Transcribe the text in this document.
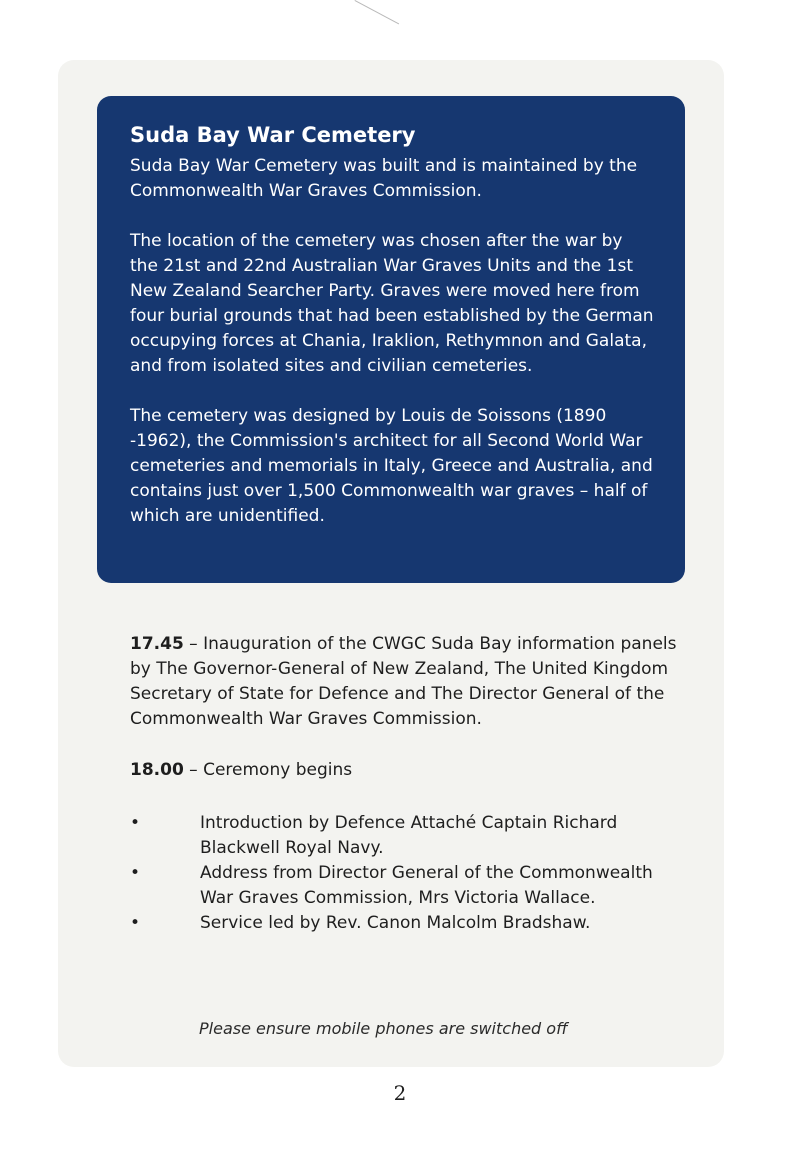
Suda Bay War Cemetery

Suda Bay War Cemetery was built and is maintained by the Commonwealth War Graves Commission.

The location of the cemetery was chosen after the war by the 21st and 22nd Australian War Graves Units and the 1st New Zealand Searcher Party. Graves were moved here from four burial grounds that had been established by the German occupying forces at Chania, Iraklion, Rethymnon and Galata, and from isolated sites and civilian cemeteries.

The cemetery was designed by Louis de Soissons (1890 -1962), the Commission's architect for all Second World War cemeteries and memorials in Italy, Greece and Australia, and contains just over 1,500 Commonwealth war graves – half of which are unidentified.

17.45 – Inauguration of the CWGC Suda Bay information panels by The Governor-General of New Zealand, The United Kingdom Secretary of State for Defence and The Director General of the Commonwealth War Graves Commission.

18.00 – Ceremony begins

•	Introduction by Defence Attaché Captain Richard Blackwell Royal Navy.
•	Address from Director General of the Commonwealth War Graves Commission, Mrs Victoria Wallace.
•	Service led by Rev. Canon Malcolm Bradshaw.

Please ensure mobile phones are switched off

2
